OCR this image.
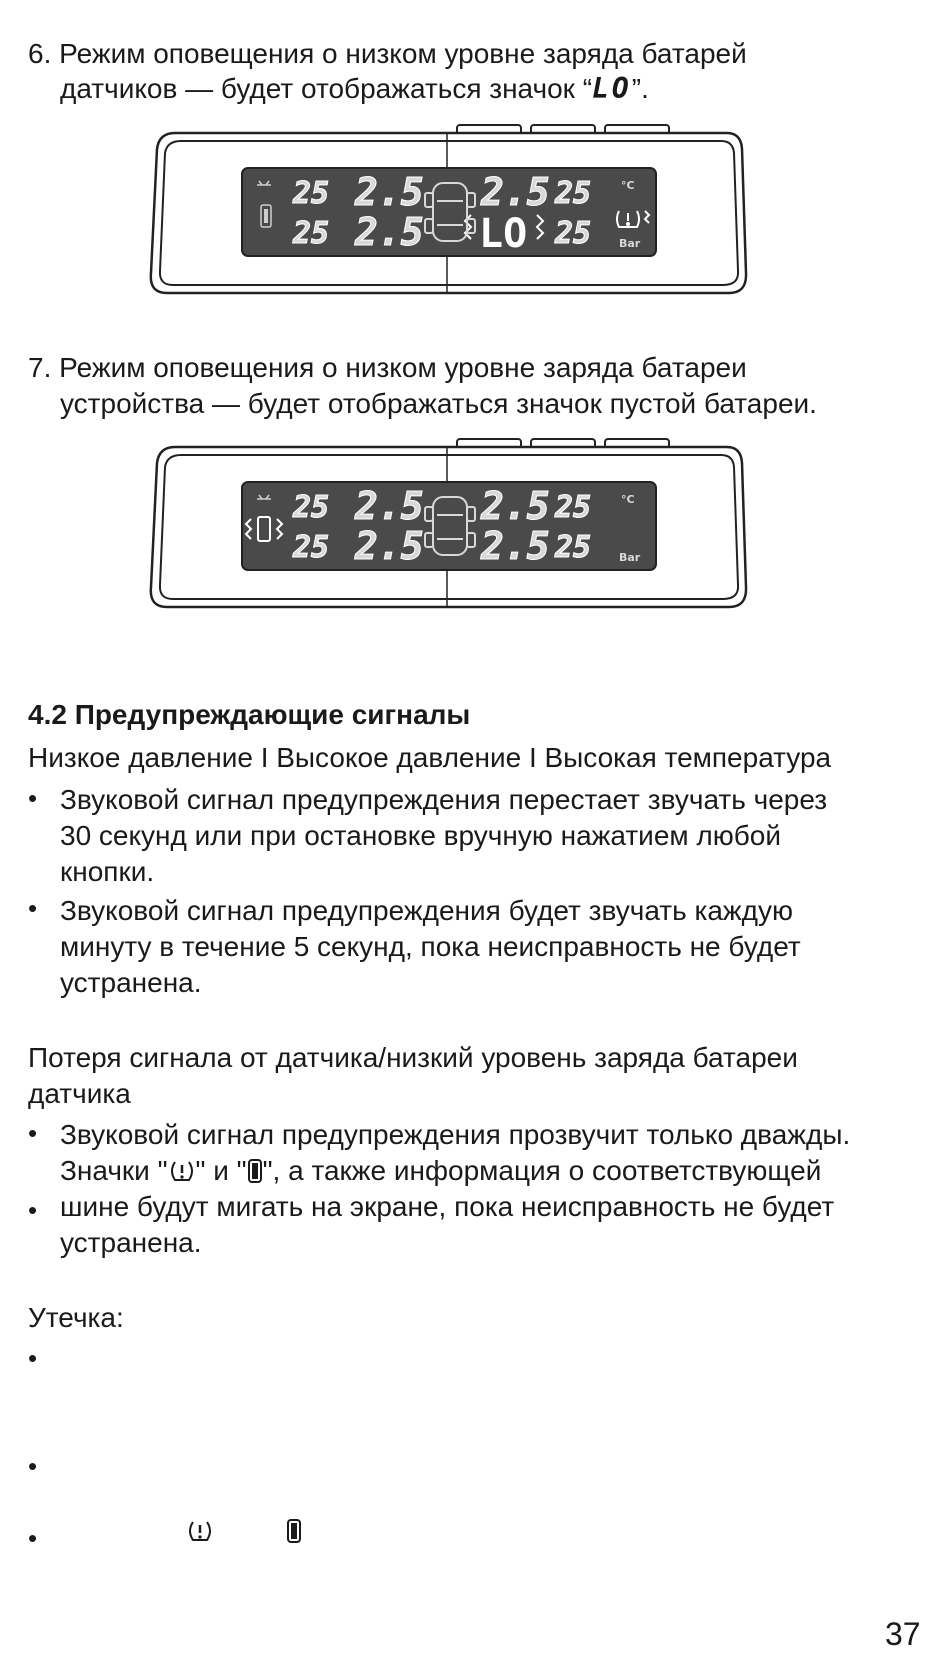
6. Режим оповещения о низком уровне заряда батарей

датчиков — будет отображаться значок “LO”.

25 2.5
25 2.5
2.5 25
25
LO
°C
Bar

7. Режим оповещения о низком уровне заряда батареи

устройства — будет отображаться значок пустой батареи.

25 2.5
25 2.5
2.5 25
2.5 25
°C
Bar

4.2 Предупреждающие сигналы

Низкое давление I Высокое давление I Высокая температура

• Звуковой сигнал предупреждения перестает звучать через

30 секунд или при остановке вручную нажатием любой

кнопки.

• Звуковой сигнал предупреждения будет звучать каждую

минуту в течение 5 секунд, пока неисправность не будет

устранена.

Потеря сигнала от датчика/низкий уровень заряда батареи

датчика

• Звуковой сигнал предупреждения прозвучит только дважды.

Значки " " и " ", а также информация о соответствующей

• шине будут мигать на экране, пока неисправность не будет

устранена.

Утечка:

•
•
•
37
